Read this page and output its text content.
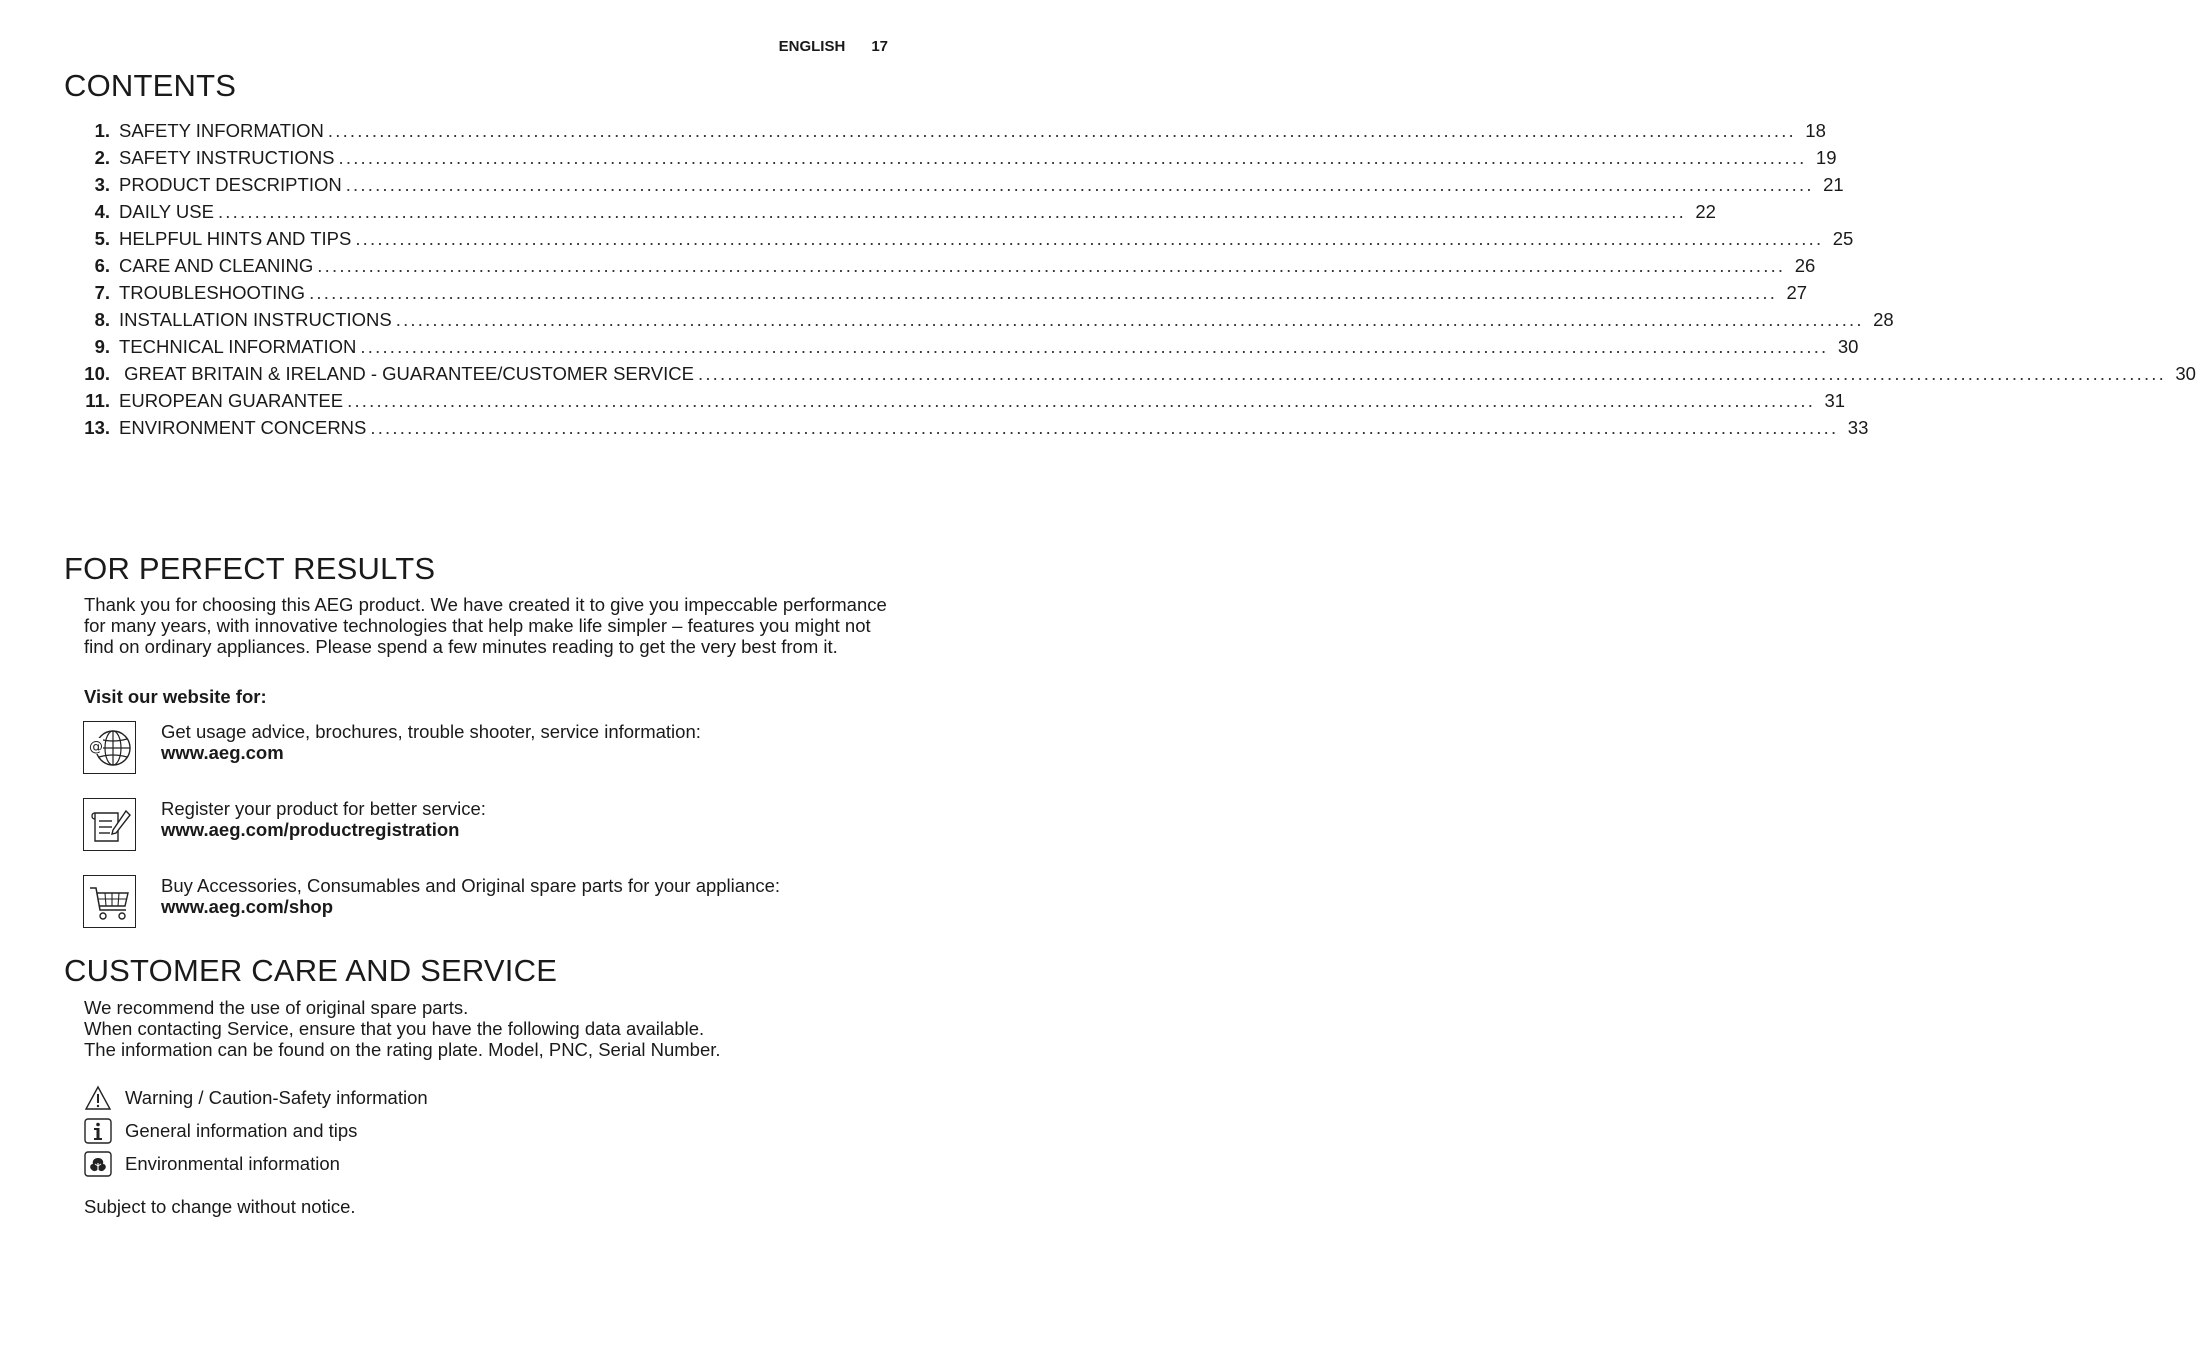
ENGLISH 17
CONTENTS
1. SAFETY INFORMATION ........................................................................................................................................................................................................ 18
2. SAFETY INSTRUCTIONS ........................................................................................................................................................................................................ 19
3. PRODUCT DESCRIPTION ........................................................................................................................................................................................................ 21
4. DAILY USE ........................................................................................................................................................................................................ 22
5. HELPFUL HINTS AND TIPS ........................................................................................................................................................................................................ 25
6. CARE AND CLEANING ........................................................................................................................................................................................................ 26
7. TROUBLESHOOTING ........................................................................................................................................................................................................ 27
8. INSTALLATION INSTRUCTIONS ........................................................................................................................................................................................................ 28
9. TECHNICAL INFORMATION ........................................................................................................................................................................................................ 30
10. GREAT BRITAIN & IRELAND - GUARANTEE/CUSTOMER SERVICE ........................................................................................................................................................................................................ 30
11. EUROPEAN GUARANTEE ........................................................................................................................................................................................................ 31
13. ENVIRONMENT CONCERNS ........................................................................................................................................................................................................ 33
FOR PERFECT RESULTS
Thank you for choosing this AEG product. We have created it to give you impeccable performance for many years, with innovative technologies that help make life simpler – features you might not find on ordinary appliances. Please spend a few minutes reading to get the very best from it.
Visit our website for:
@
Get usage advice, brochures, trouble shooter, service information:
www.aeg.com
Register your product for better service:
www.aeg.com/productregistration
Buy Accessories, Consumables and Original spare parts for your appliance:
www.aeg.com/shop
CUSTOMER CARE AND SERVICE
We recommend the use of original spare parts.
When contacting Service, ensure that you have the following data available.
The information can be found on the rating plate. Model, PNC, Serial Number.
Warning / Caution-Safety information
General information and tips
Environmental information
Subject to change without notice.
